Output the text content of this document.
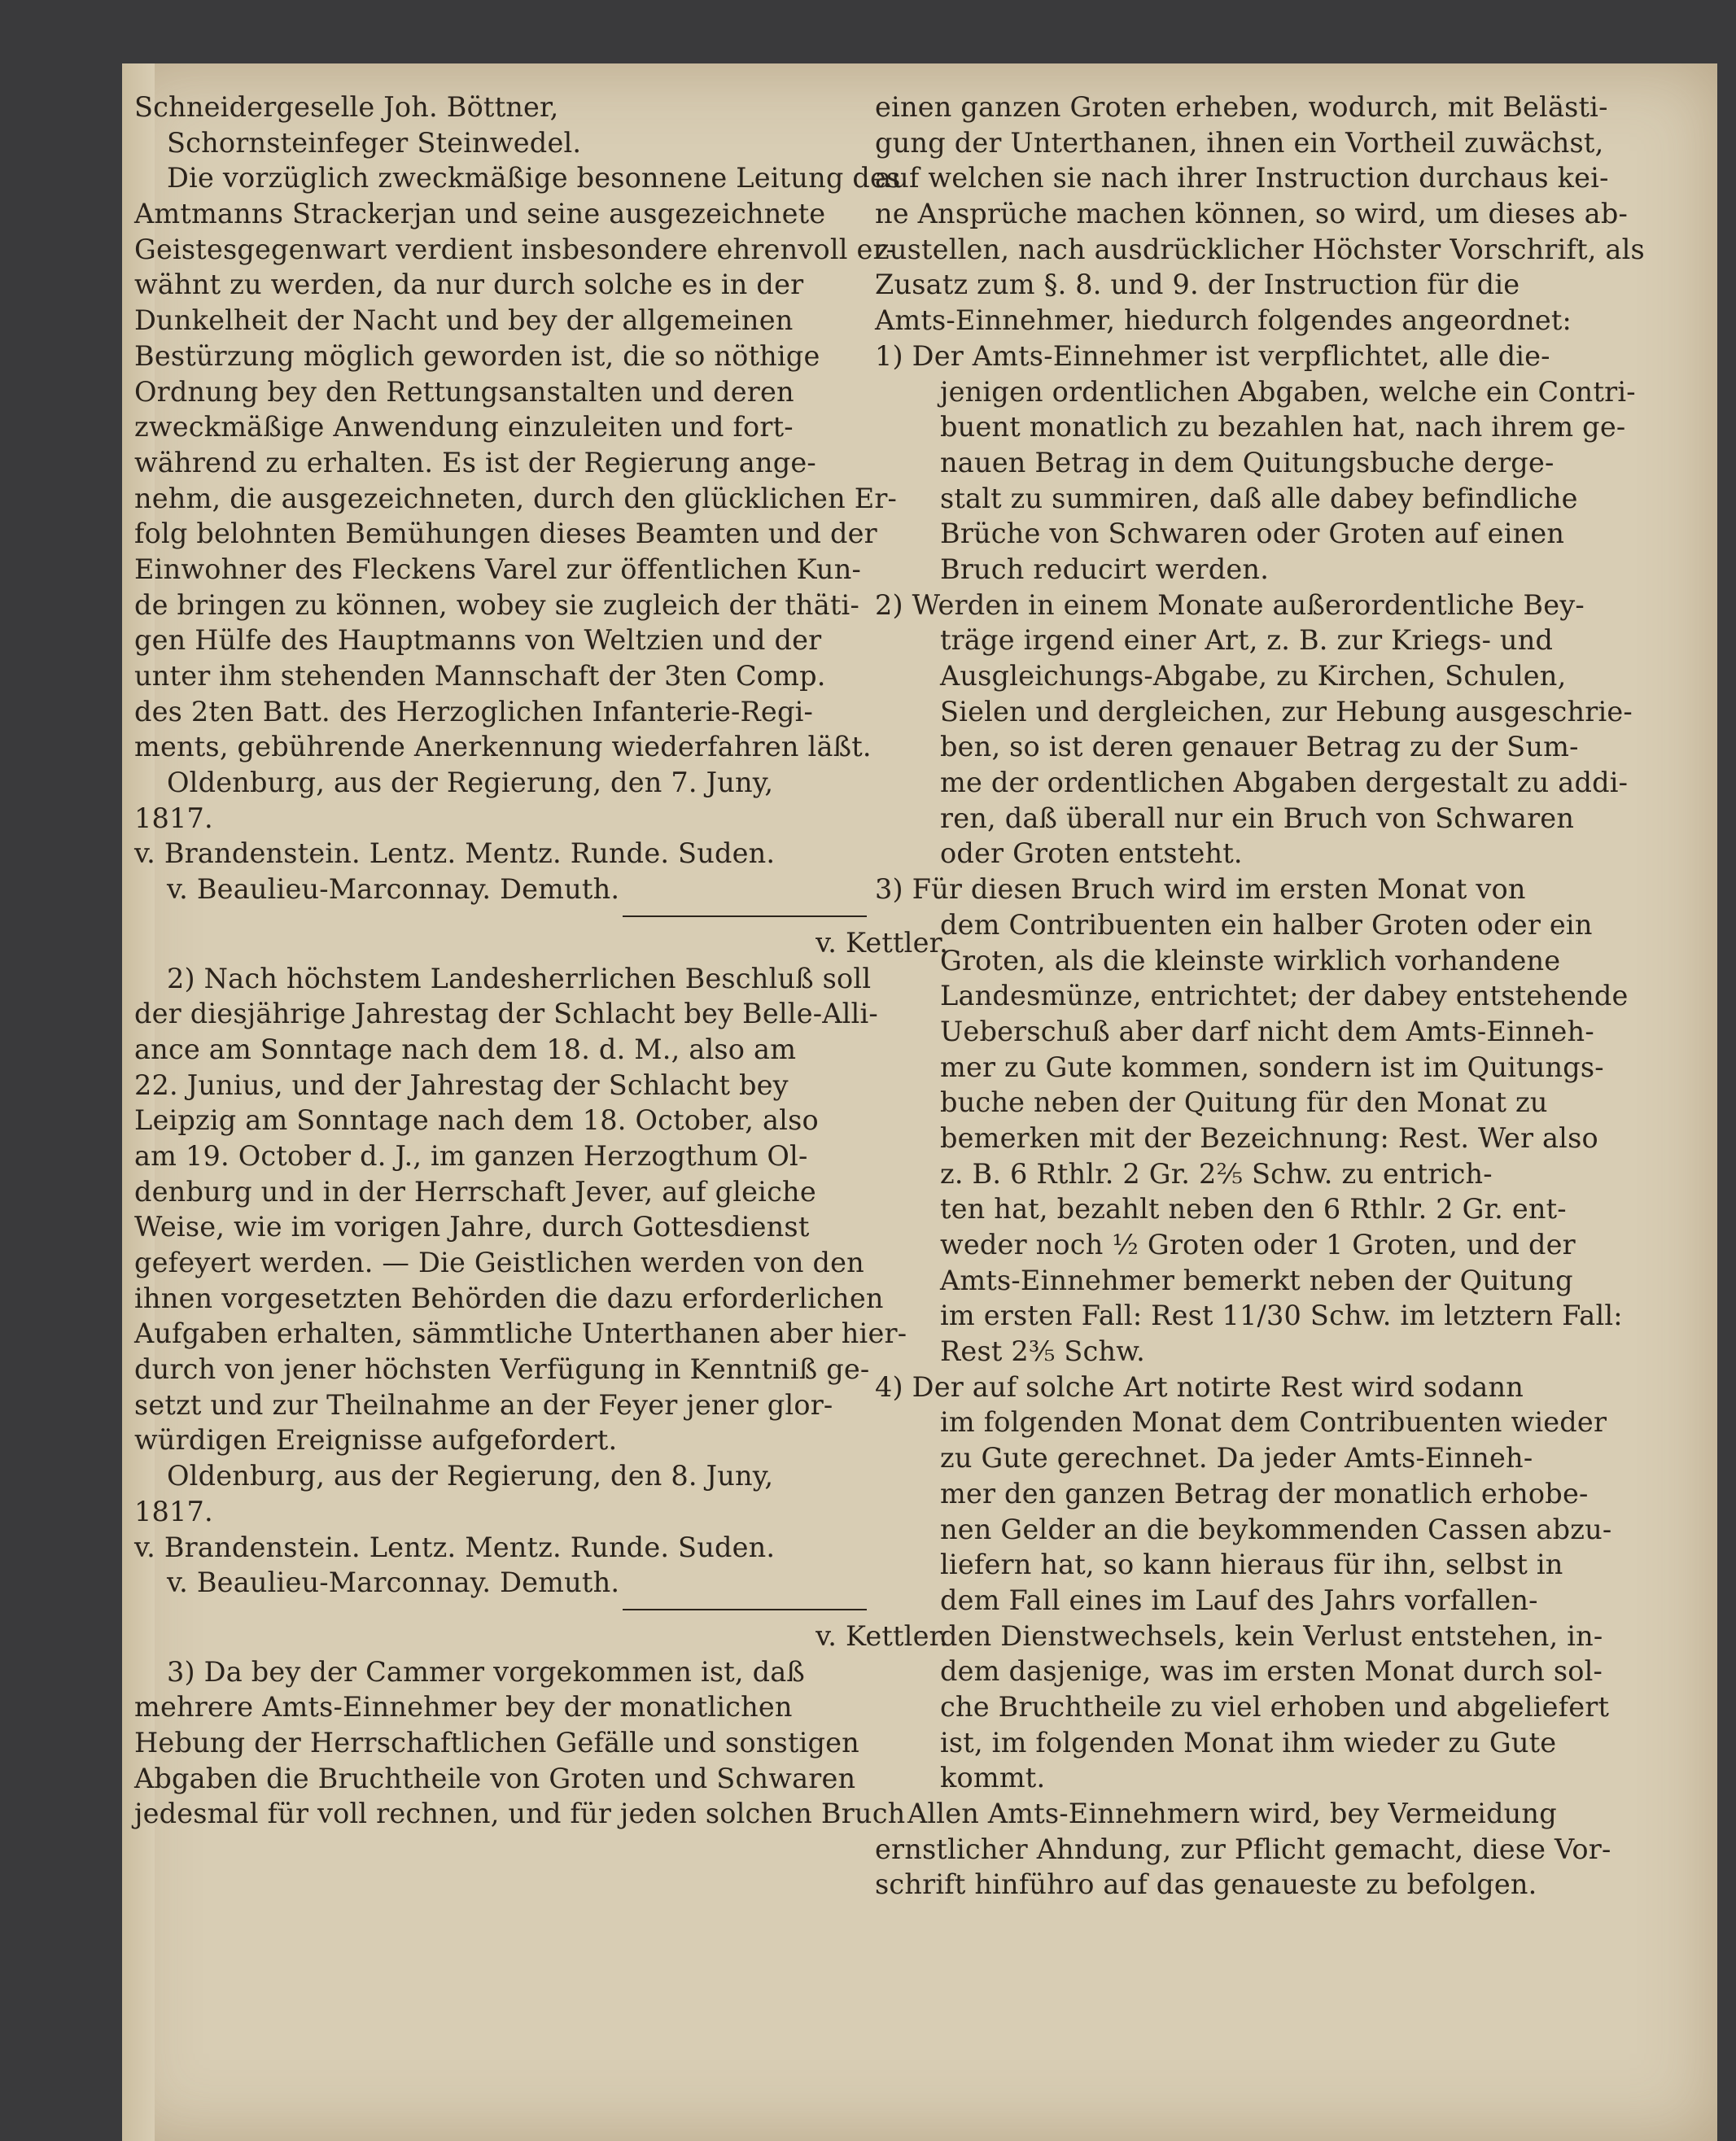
Schneidergeselle Joh. Böttner,
Schornsteinfeger Steinwedel.
Die vorzüglich zweckmäßige besonnene Leitung des
Amtmanns Strackerjan und seine ausgezeichnete
Geistesgegenwart verdient insbesondere ehrenvoll er-
wähnt zu werden, da nur durch solche es in der
Dunkelheit der Nacht und bey der allgemeinen
Bestürzung möglich geworden ist, die so nöthige
Ordnung bey den Rettungsanstalten und deren
zweckmäßige Anwendung einzuleiten und fort-
während zu erhalten. Es ist der Regierung ange-
nehm, die ausgezeichneten, durch den glücklichen Er-
folg belohnten Bemühungen dieses Beamten und der
Einwohner des Fleckens Varel zur öffentlichen Kun-
de bringen zu können, wobey sie zugleich der thäti-
gen Hülfe des Hauptmanns von Weltzien und der
unter ihm stehenden Mannschaft der 3ten Comp.
des 2ten Batt. des Herzoglichen Infanterie-Regi-
ments, gebührende Anerkennung wiederfahren läßt.
Oldenburg, aus der Regierung, den 7. Juny,
1817.
v. Brandenstein. Lentz. Mentz. Runde. Suden.
v. Beaulieu-Marconnay. Demuth.
v. Kettler.
2) Nach höchstem Landesherrlichen Beschluß soll
der diesjährige Jahrestag der Schlacht bey Belle-Alli-
ance am Sonntage nach dem 18. d. M., also am
22. Junius, und der Jahrestag der Schlacht bey
Leipzig am Sonntage nach dem 18. October, also
am 19. October d. J., im ganzen Herzogthum Ol-
denburg und in der Herrschaft Jever, auf gleiche
Weise, wie im vorigen Jahre, durch Gottesdienst
gefeyert werden. — Die Geistlichen werden von den
ihnen vorgesetzten Behörden die dazu erforderlichen
Aufgaben erhalten, sämmtliche Unterthanen aber hier-
durch von jener höchsten Verfügung in Kenntniß ge-
setzt und zur Theilnahme an der Feyer jener glor-
würdigen Ereignisse aufgefordert.
Oldenburg, aus der Regierung, den 8. Juny,
1817.
v. Brandenstein. Lentz. Mentz. Runde. Suden.
v. Beaulieu-Marconnay. Demuth.
v. Kettler.
3) Da bey der Cammer vorgekommen ist, daß
mehrere Amts-Einnehmer bey der monatlichen
Hebung der Herrschaftlichen Gefälle und sonstigen
Abgaben die Bruchtheile von Groten und Schwaren
jedesmal für voll rechnen, und für jeden solchen Bruch
einen ganzen Groten erheben, wodurch, mit Belästi-
gung der Unterthanen, ihnen ein Vortheil zuwächst,
auf welchen sie nach ihrer Instruction durchaus kei-
ne Ansprüche machen können, so wird, um dieses ab-
zustellen, nach ausdrücklicher Höchster Vorschrift, als
Zusatz zum §. 8. und 9. der Instruction für die
Amts-Einnehmer, hiedurch folgendes angeordnet:
1) Der Amts-Einnehmer ist verpflichtet, alle die-
jenigen ordentlichen Abgaben, welche ein Contri-
buent monatlich zu bezahlen hat, nach ihrem ge-
nauen Betrag in dem Quitungsbuche derge-
stalt zu summiren, daß alle dabey befindliche
Brüche von Schwaren oder Groten auf einen
Bruch reducirt werden.
2) Werden in einem Monate außerordentliche Bey-
träge irgend einer Art, z. B. zur Kriegs- und
Ausgleichungs-Abgabe, zu Kirchen, Schulen,
Sielen und dergleichen, zur Hebung ausgeschrie-
ben, so ist deren genauer Betrag zu der Sum-
me der ordentlichen Abgaben dergestalt zu addi-
ren, daß überall nur ein Bruch von Schwaren
oder Groten entsteht.
3) Für diesen Bruch wird im ersten Monat von
dem Contribuenten ein halber Groten oder ein
Groten, als die kleinste wirklich vorhandene
Landesmünze, entrichtet; der dabey entstehende
Ueberschuß aber darf nicht dem Amts-Einneh-
mer zu Gute kommen, sondern ist im Quitungs-
buche neben der Quitung für den Monat zu
bemerken mit der Bezeichnung: Rest. Wer also
z. B. 6 Rthlr. 2 Gr. 2⅖ Schw. zu entrich-
ten hat, bezahlt neben den 6 Rthlr. 2 Gr. ent-
weder noch ½ Groten oder 1 Groten, und der
Amts-Einnehmer bemerkt neben der Quitung
im ersten Fall: Rest 11/30 Schw. im letztern Fall:
Rest 2⅗ Schw.
4) Der auf solche Art notirte Rest wird sodann
im folgenden Monat dem Contribuenten wieder
zu Gute gerechnet. Da jeder Amts-Einneh-
mer den ganzen Betrag der monatlich erhobe-
nen Gelder an die beykommenden Cassen abzu-
liefern hat, so kann hieraus für ihn, selbst in
dem Fall eines im Lauf des Jahrs vorfallen-
den Dienstwechsels, kein Verlust entstehen, in-
dem dasjenige, was im ersten Monat durch sol-
che Bruchtheile zu viel erhoben und abgeliefert
ist, im folgenden Monat ihm wieder zu Gute
kommt.
Allen Amts-Einnehmern wird, bey Vermeidung
ernstlicher Ahndung, zur Pflicht gemacht, diese Vor-
schrift hinführo auf das genaueste zu befolgen.
